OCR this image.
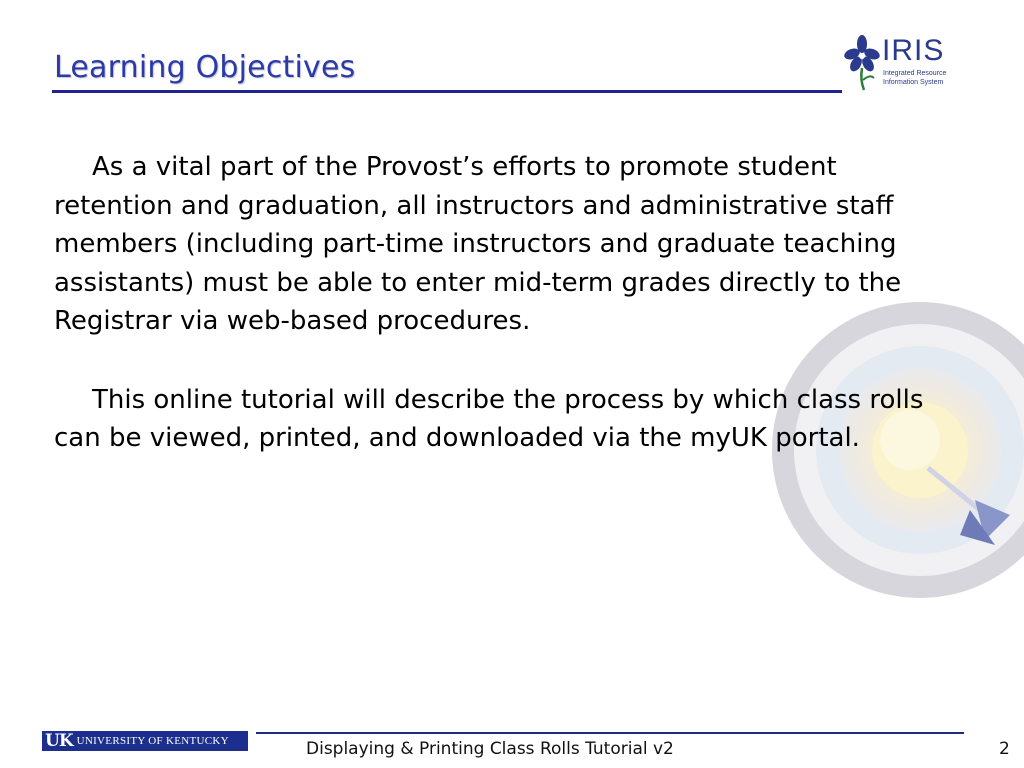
Learning Objectives	IRIS
Integrated Resource
Information System

As a vital part of the Provost’s efforts to promote student retention and graduation, all instructors and administrative staff members (including part-time instructors and graduate teaching assistants) must be able to enter mid-term grades directly to the Registrar via web-based procedures.

This online tutorial will describe the process by which class rolls can be viewed, printed, and downloaded via the myUK portal.

UK UNIVERSITY OF KENTUCKY	Displaying & Printing Class Rolls Tutorial v2	2
